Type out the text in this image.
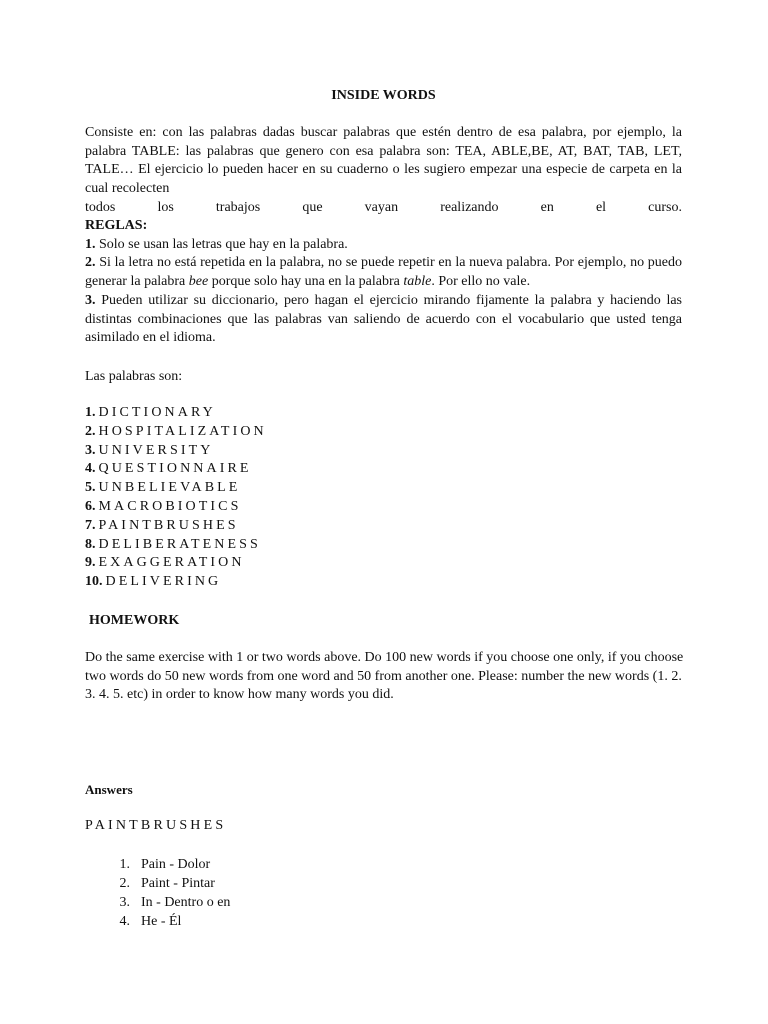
INSIDE WORDS
Consiste en: con las palabras dadas buscar palabras que estén dentro de esa palabra, por ejemplo, la palabra TABLE: las palabras que genero con esa palabra son: TEA, ABLE,BE, AT, BAT, TAB, LET, TALE… El ejercicio lo pueden hacer en su cuaderno o les sugiero empezar una especie de carpeta en la cual recolecten
todos los trabajos que vayan realizando en el curso.
REGLAS:

1. Solo se usan las letras que hay en la palabra.

2. Si la letra no está repetida en la palabra, no se puede repetir en la nueva palabra. Por ejemplo, no puedo generar la palabra bee porque solo hay una en la palabra table. Por ello no vale.

3. Pueden utilizar su diccionario, pero hagan el ejercicio mirando fijamente la palabra y haciendo las distintas combinaciones que las palabras van saliendo de acuerdo con el vocabulario que usted tenga asimilado en el idioma.

Las palabras son:
1. DICTIONARY
2. HOSPITALIZATION
3. UNIVERSITY
4. QUESTIONNAIRE
5. UNBELIEVABLE
6. MACROBIOTICS
7. PAINTBRUSHES
8. DELIBERATENESS
9. EXAGGERATION
10. DELIVERING
HOMEWORK
Do the same exercise with 1 or two words above. Do 100 new words if you choose one only, if you choose two words do 50 new words from one word and 50 from another one. Please: number the new words (1. 2. 3. 4. 5. etc) in order to know how many words you did.
Answers
PAINTBRUSHES
1. Pain - Dolor
2. Paint - Pintar
3. In - Dentro o en
4. He - Él
